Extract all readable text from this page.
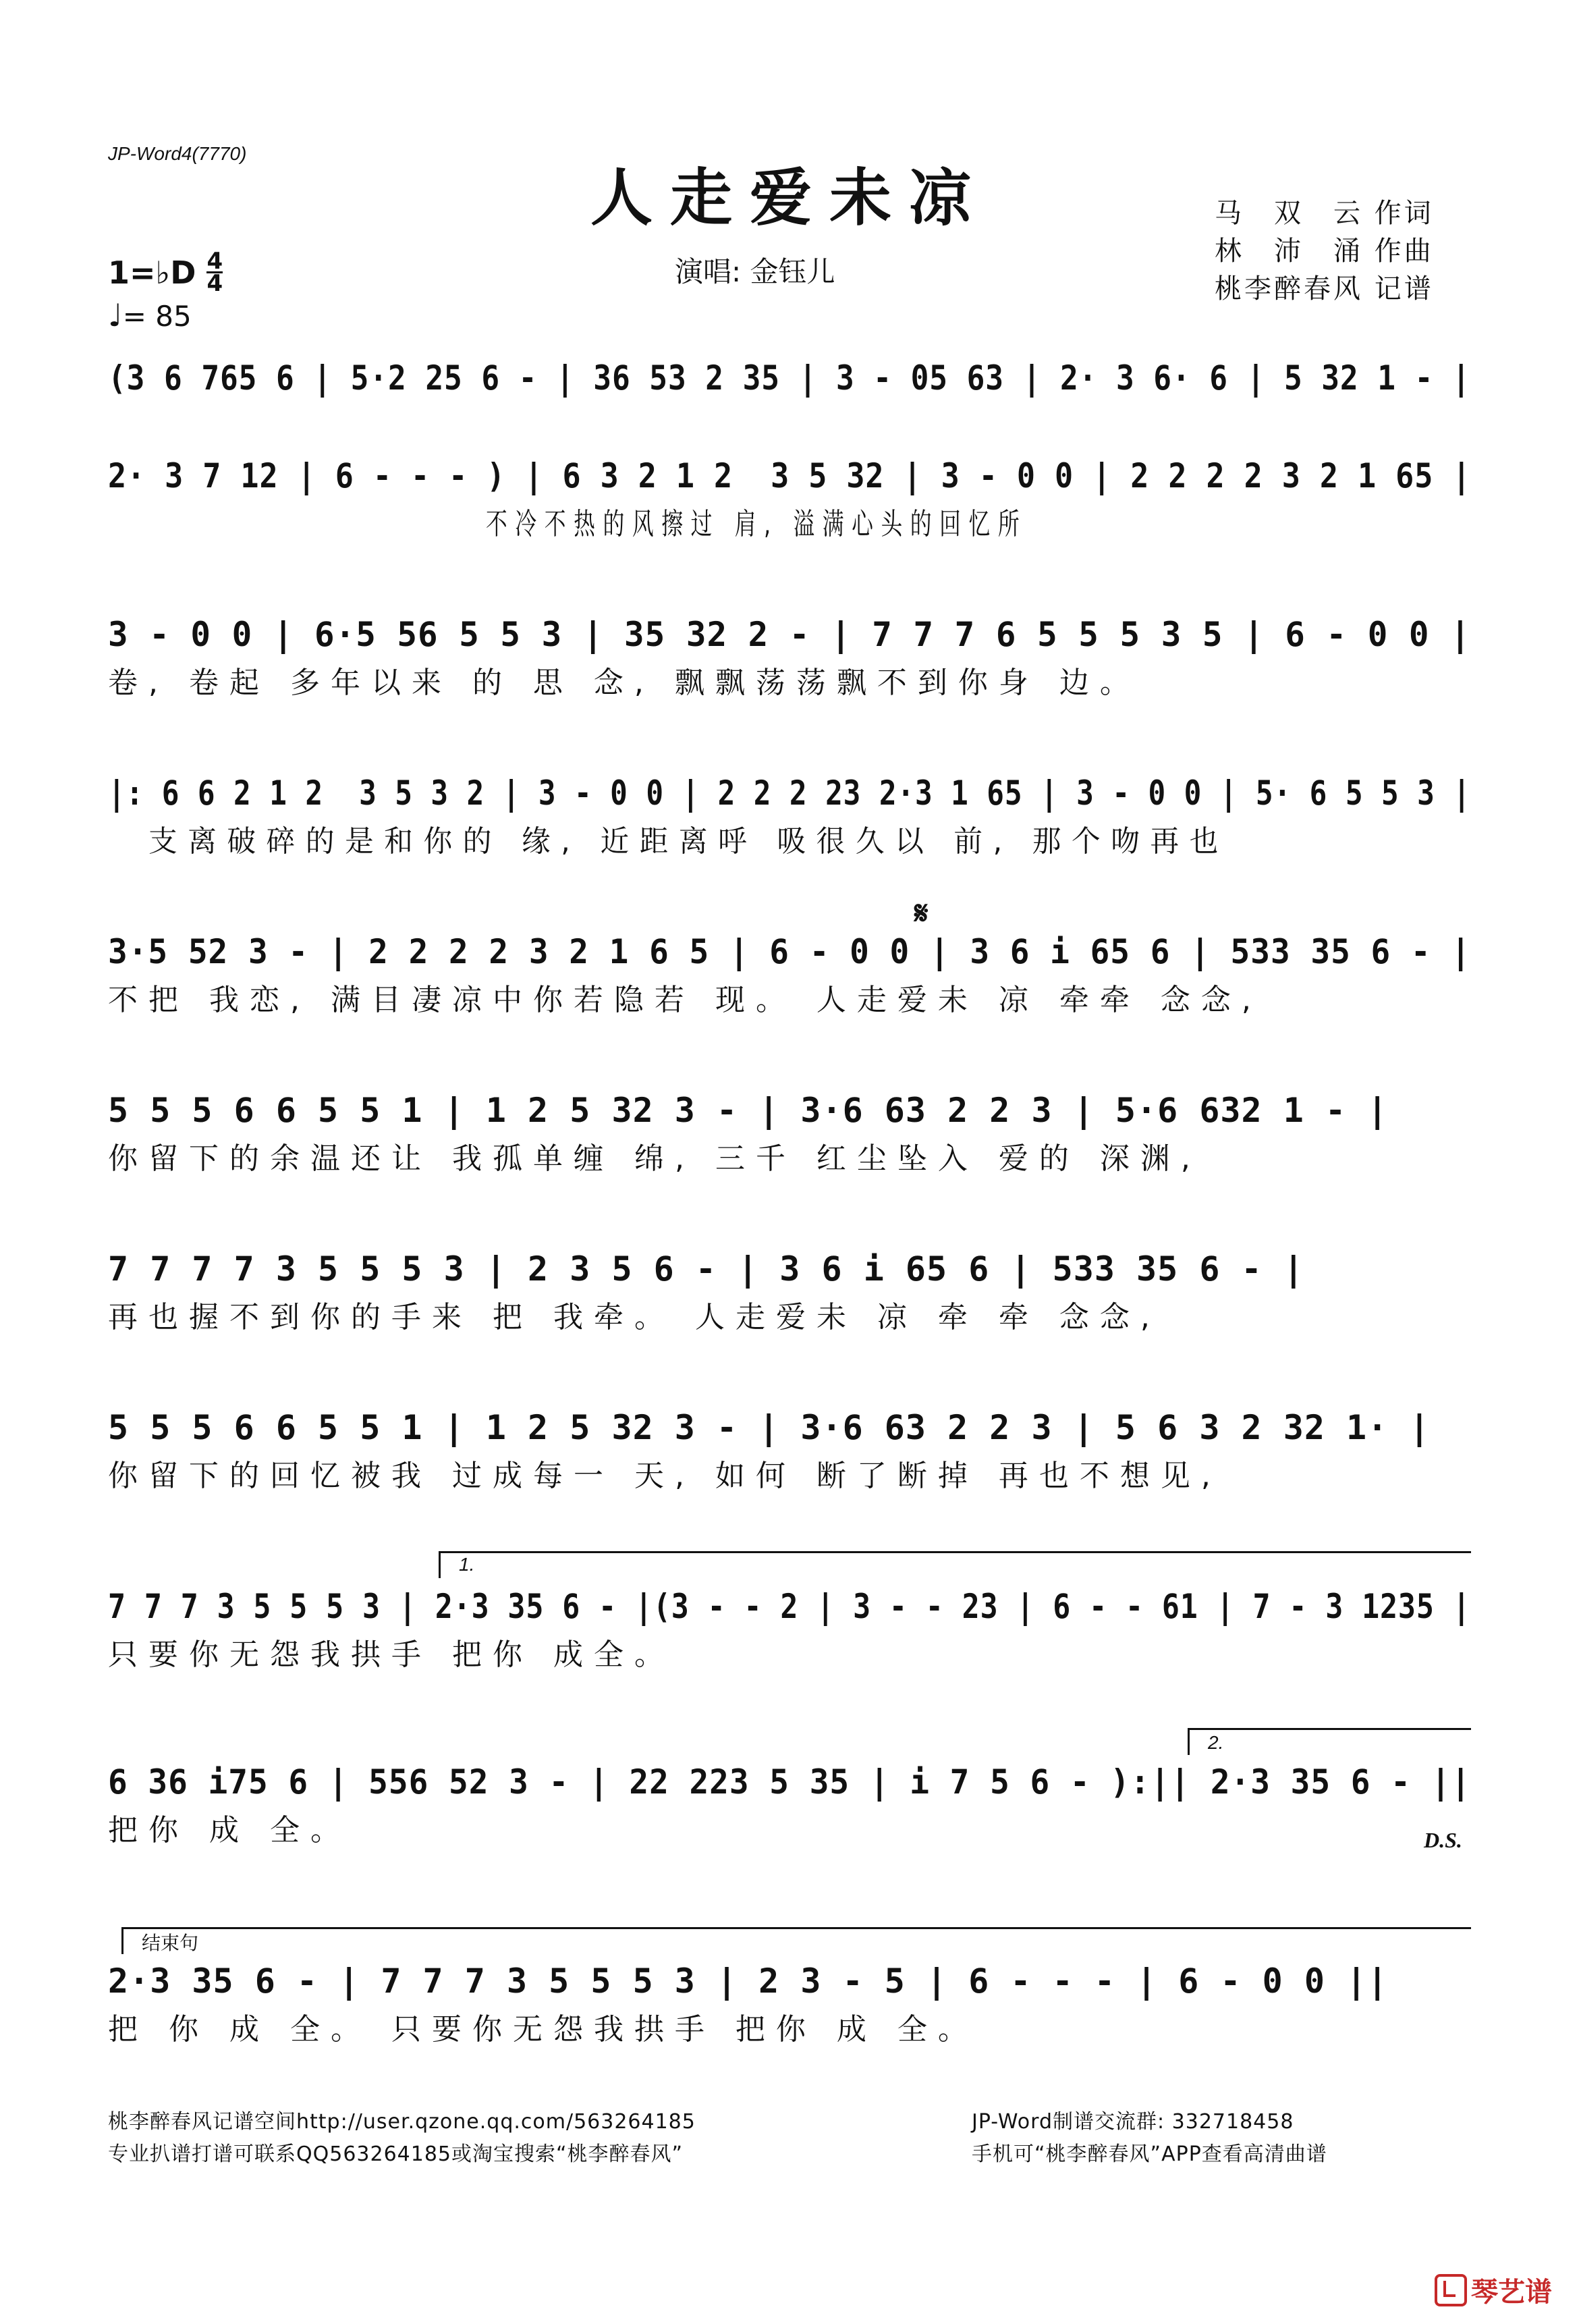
JP-Word4(7770)
人走爱未凉
演唱: 金钰儿
马　双　云 作词
林　沛　涌 作曲
桃李醉春风 记谱
1=♭D 4
4
♩= 85
(3 6 765 6 | 5·2 25 6 - | 36 53 2 35 | 3 - 05 63 | 2· 3 6· 6 | 5 32 1 - |
2· 3 7 12 | 6 - - - ) | 6 3 2 1 2  3 5 32 | 3 - 0 0 | 2 2 2 2 3 2 1 65 |
不冷不热的风擦过 肩, 溢满心头的回忆所
3 - 0 0 | 6·5 56 5 5 3 | 35 32 2 - | 7 7 7 6 5 5 5 3 5 | 6 - 0 0 |
卷, 卷起 多年以来 的 思 念, 飘飘荡荡飘不到你身 边。
|: 6 6 2 1 2  3 5 3 2 | 3 - 0 0 | 2 2 2 23 2·3 1 65 | 3 - 0 0 | 5· 6 5 5 3 |
支离破碎的是和你的 缘, 近距离呼 吸很久以 前, 那个吻再也
𝄋
3·5 52 3 - | 2 2 2 2 3 2 1 6 5 | 6 - 0 0 | 3 6 i 65 6 | 533 35 6 - |
不把 我恋, 满目凄凉中你若隐若 现。 人走爱未 凉 牵牵 念念,
5 5 5 6 6 5 5 1 | 1 2 5 32 3 - | 3·6 63 2 2 3 | 5·6 632 1 - |
你留下的余温还让 我孤单缠 绵, 三千 红尘坠入 爱的 深渊,
7 7 7 7 3 5 5 5 3 | 2 3 5 6 - | 3 6 i 65 6 | 533 35 6 - |
再也握不到你的手来 把 我牵。 人走爱未 凉 牵 牵 念念,
5 5 5 6 6 5 5 1 | 1 2 5 32 3 - | 3·6 63 2 2 3 | 5 6 3 2 32 1· |
你留下的回忆被我 过成每一 天, 如何 断了断掉 再也不想见,
1.
7 7 7 3 5 5 5 3 | 2·3 35 6 - |(3 - - 2 | 3 - - 23 | 6 - - 61 | 7 - 3 1235 |
只要你无怨我拱手 把你 成全。
2.
6 36 i75 6 | 556 52 3 - | 22 223 5 35 | i 7 5 6 - ):|| 2·3 35 6 - ||
把你 成 全。	D.S.
结束句
2·3 35 6 - | 7 7 7 3 5 5 5 3 | 2 3 - 5 | 6 - - - | 6 - 0 0 ||
把 你 成 全。 只要你无怨我拱手 把你 成 全。
桃李醉春风记谱空间http://user.qzone.qq.com/563264185
专业扒谱打谱可联系QQ563264185或淘宝搜索“桃李醉春风”
JP-Word制谱交流群: 332718458
手机可“桃李醉春风”APP查看高清曲谱
琴艺谱
